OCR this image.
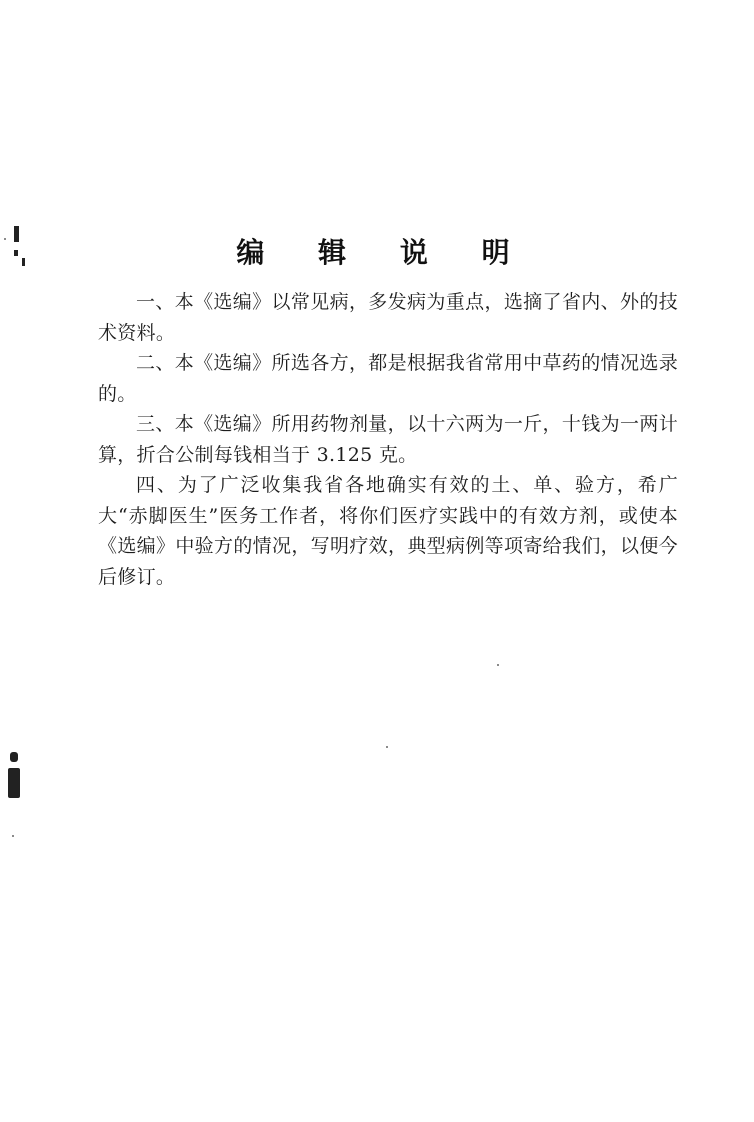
编 辑 说 明

一、本《选编》以常见病，多发病为重点，选摘了省内、外的技术资料。

二、本《选编》所选各方，都是根据我省常用中草药的情况选录的。

三、本《选编》所用药物剂量，以十六两为一斤，十钱为一两计算，折合公制每钱相当于 3.125 克。

四、为了广泛收集我省各地确实有效的土、单、验方，希广大“赤脚医生”医务工作者，将你们医疗实践中的有效方剂，或使本《选编》中验方的情况，写明疗效，典型病例等项寄给我们，以便今后修订。
